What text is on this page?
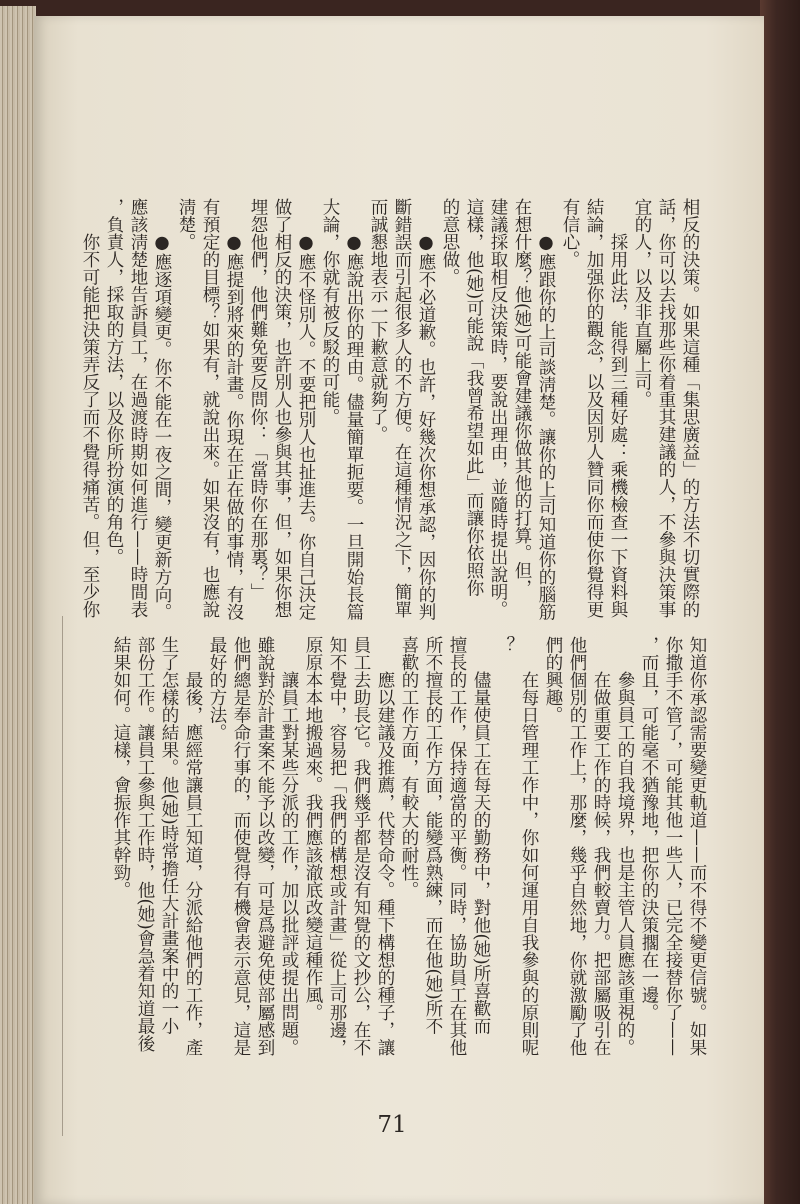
相反的決策。如果這種「集思廣益」的方法不切實際的
話，你可以去找那些你着重其建議的人，不參與決策事
宜的人，以及非直屬上司。
採用此法，能得到三種好處：乘機檢查一下資料與
結論，加强你的觀念，以及因別人贊同你而使你覺得更
有信心。
●應跟你的上司談淸楚。讓你的上司知道你的腦筋
在想什麼？他(她)可能會建議你做其他的打算。但，
建議採取相反決策時，要說出理由，並隨時提出說明。
這樣，他(她)可能說「我曾希望如此」而讓你依照你
的意思做。
●應不必道歉。也許，好幾次你想承認，因你的判
斷錯誤而引起很多人的不方便。在這種情況之下，簡單
而誠懇地表示一下歉意就夠了。
●應說出你的理由。儘量簡單扼要。一旦開始長篇
大論，你就有被反駁的可能。
●應不怪別人。不要把別人也扯進去。你自己決定
做了相反的決策，也許別人也參與其事，但，如果你想
埋怨他們，他們難免要反問你：「當時你在那裏？」
●應提到將來的計畫。你現在正在做的事情，有沒
有預定的目標？如果有，就說出來。如果沒有，也應說
淸楚。
●應逐項變更。你不能在一夜之間，變更新方向。
應該淸楚地告訴員工，在過渡時期如何進行——時間表
，負責人，採取的方法，以及你所扮演的角色。
你不可能把決策弄反了而不覺得痛苦。但，至少你
知道你承認需要變更軌道——而不得不變更信號。如果
你撒手不管了，可能其他一些人，已完全接替你了——
，而且，可能毫不猶豫地，把你的決策擱在一邊。
參與員工的自我境界，也是主管人員應該重視的。
在做重要工作的時候，我們較賣力。把部屬吸引在
他們個別的工作上，那麼，幾乎自然地，你就激勵了他
們的興趣。
在每日管理工作中，你如何運用自我參與的原則呢
？
儘量使員工在每天的勤務中，對他(她)所喜歡而
擅長的工作，保持適當的平衡。同時，協助員工在其他
所不擅長的工作方面，能變爲熟練，而在他(她)所不
喜歡的工作方面，有較大的耐性。
應以建議及推薦，代替命令。種下構想的種子，讓
員工去助長它。我們幾乎都是沒有知覺的文抄公，在不
知不覺中，容易把「我們的構想或計畫」從上司那邊，
原原本本地搬過來。我們應該澈底改變這種作風。
讓員工對某些分派的工作，加以批評或提出問題。
雖說對於計畫案不能予以改變，可是爲避免使部屬感到
他們總是奉命行事的，而使覺得有機會表示意見，這是
最好的方法。
最後，應經常讓員工知道，分派給他們的工作，產
生了怎樣的結果。他(她)時常擔任大計畫案中的一小
部份工作。讓員工參與工作時，他(她)會急着知道最後
結果如何。這樣，會振作其幹勁。
71
